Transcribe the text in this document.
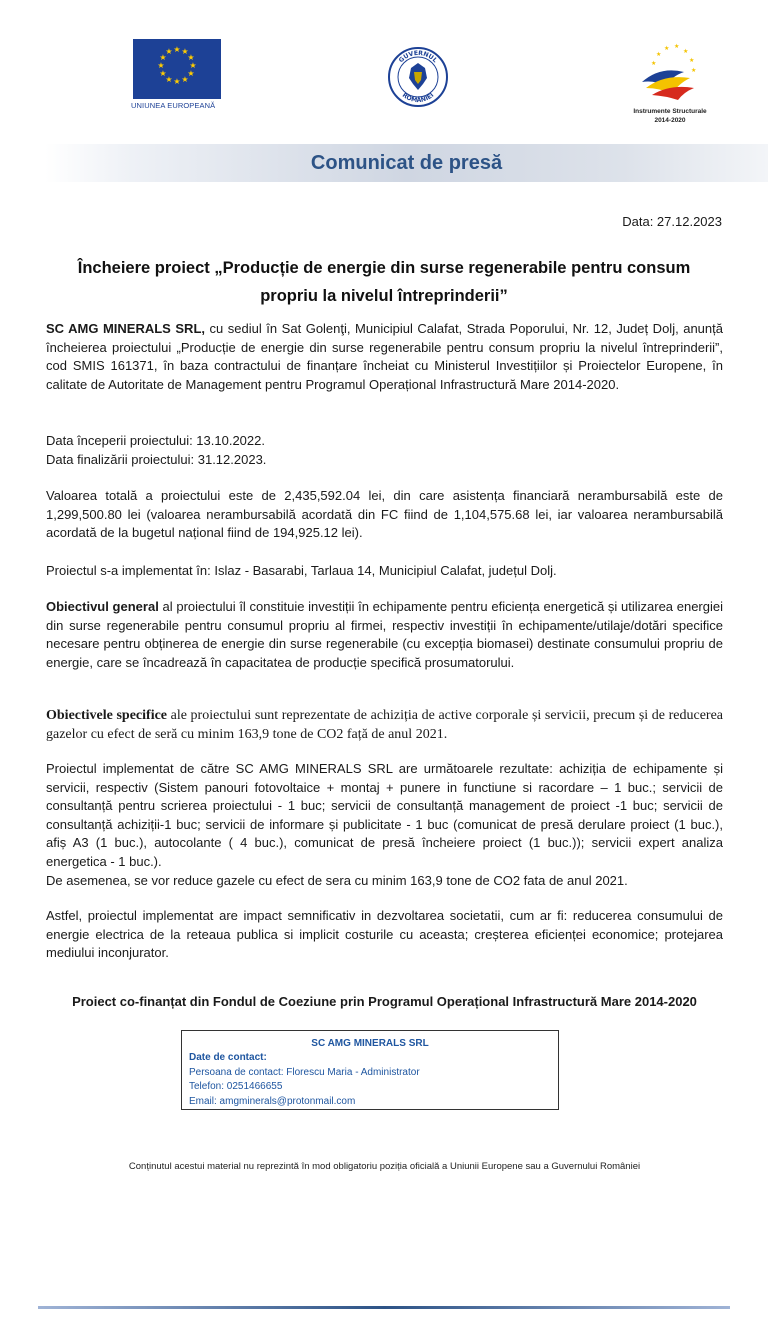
★ ★
★
★
★
★
★
★
★
★
★
★
UNIUNEA EUROPEANĂ
GUVERNUL
ROMÂNIEI
★ ★
★
★
★
★
★
Instrumente Structurale
2014-2020
Comunicat de presă
Data: 27.12.2023
Încheiere proiect „Producție de energie din surse regenerabile pentru consum
propriu la nivelul întreprinderii”
SC AMG MINERALS SRL, cu sediul în Sat Golenţi, Municipiul Calafat, Strada Poporului, Nr. 12, Județ Dolj, anunță încheierea proiectului „Producție de energie din surse regenerabile pentru consum propriu la nivelul întreprinderii”, cod SMIS 161371, în baza contractului de finanțare încheiat cu Ministerul Investițiilor și Proiectelor Europene, în calitate de Autoritate de Management pentru Programul Operațional Infrastructură Mare 2014-2020.
Data începerii proiectului: 13.10.2022.
Data finalizării proiectului: 31.12.2023.
Valoarea totală a proiectului este de 2,435,592.04 lei, din care asistența financiară nerambursabilă este de 1,299,500.80 lei (valoarea nerambursabilă acordată din FC fiind de 1,104,575.68 lei, iar valoarea nerambursabilă acordată de la bugetul național fiind de 194,925.12 lei).
Proiectul s-a implementat în: Islaz - Basarabi, Tarlaua 14, Municipiul Calafat, județul Dolj.
Obiectivul general al proiectului îl constituie investiții în echipamente pentru eficiența energetică și utilizarea energiei din surse regenerabile pentru consumul propriu al firmei, respectiv investiții în echipamente/utilaje/dotări specifice necesare pentru obținerea de energie din surse regenerabile (cu excepția biomasei) destinate consumului propriu de energie, care se încadrează în capacitatea de producție specifică prosumatorului.
Obiectivele specifice ale proiectului sunt reprezentate de achiziția de active corporale și servicii, precum și de reducerea gazelor cu efect de seră cu minim 163,9 tone de CO2 față de anul 2021.
Proiectul implementat de către SC AMG MINERALS SRL are următoarele rezultate: achiziția de echipamente și servicii, respectiv (Sistem panouri fotovoltaice + montaj + punere in functiune si racordare – 1 buc.; servicii de consultanță pentru scrierea proiectului - 1 buc; servicii de consultanță management de proiect -1 buc; servicii de consultanță achiziții-1 buc; servicii de informare și publicitate - 1 buc (comunicat de presă derulare proiect (1 buc.), afiș A3 (1 buc.), autocolante ( 4 buc.), comunicat de presă încheiere proiect (1 buc.)); servicii expert analiza energetica - 1 buc.).
De asemenea, se vor reduce gazele cu efect de sera cu minim 163,9 tone de CO2 fata de anul 2021.
Astfel, proiectul implementat are impact semnificativ in dezvoltarea societatii, cum ar fi: reducerea consumului de energie electrica de la reteaua publica si implicit costurile cu aceasta; creșterea eficienței economice; protejarea mediului inconjurator.
Proiect co-finanțat din Fondul de Coeziune prin Programul Operațional Infrastructură Mare 2014-2020
SC AMG MINERALS SRL
Date de contact:
Persoana de contact: Florescu Maria - Administrator
Telefon: 0251466655
Email: amgminerals@protonmail.com
Conținutul acestui material nu reprezintă în mod obligatoriu poziția oficială a Uniunii Europene sau a Guvernului României
